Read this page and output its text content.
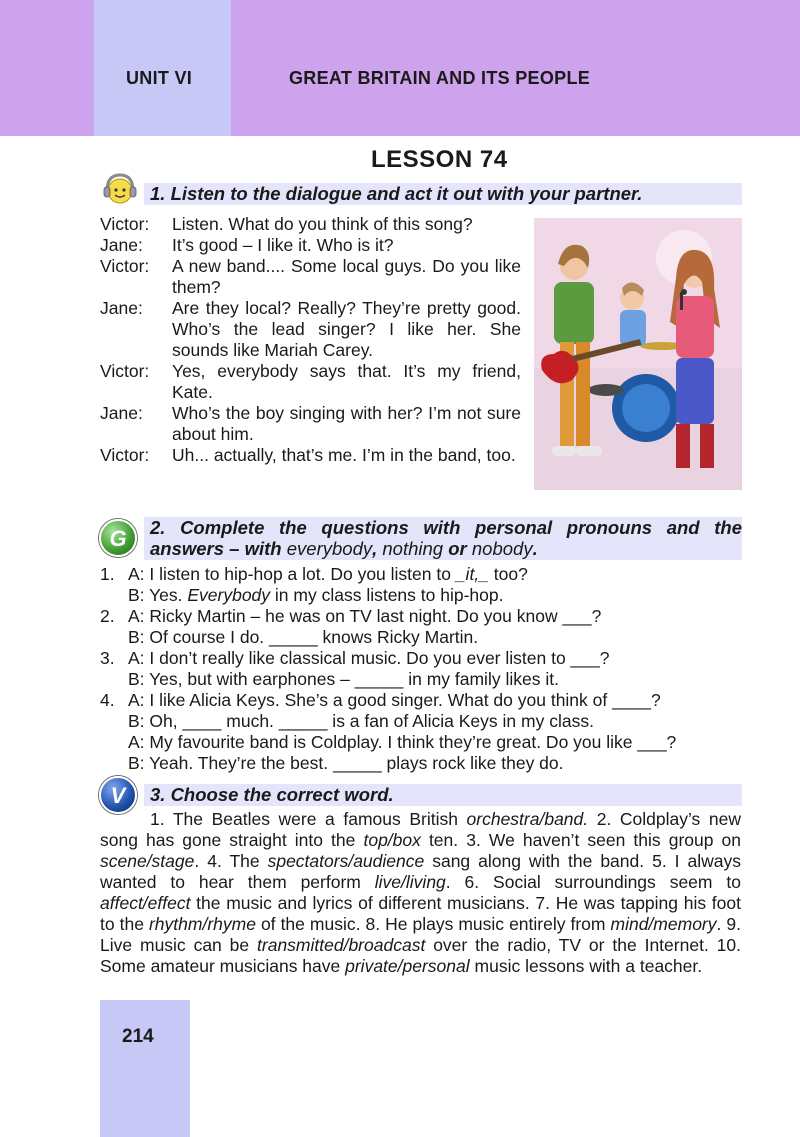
UNIT VI	GREAT BRITAIN AND ITS PEOPLE
LESSON 74
1. Listen to the dialogue and act it out with your partner.
Victor:	Listen. What do you think of this song?
Jane:	It’s good – I like it. Who is it?
Victor:	A new band.... Some local guys. Do you like them?
Jane:	Are they local? Really? They’re pretty good. Who’s the lead singer? I like her. She sounds like Mariah Carey.
Victor:	Yes, everybody says that. It’s my friend, Kate.
Jane:	Who’s the boy singing with her? I’m not sure about him.
Victor:	Uh... actually, that’s me. I’m in the band, too.
G	2. Complete the questions with personal pronouns and the answers – with everybody, nothing or nobody.
1. A: I listen to hip-hop a lot. Do you listen to _it,_ too?
B: Yes. Everybody in my class listens to hip-hop.
2. A: Ricky Martin – he was on TV last night. Do you know ___?
B: Of course I do. _____ knows Ricky Martin.
3. A: I don’t really like classical music. Do you ever listen to ___?
B: Yes, but with earphones – _____ in my family likes it.
4. A: I like Alicia Keys. She’s a good singer. What do you think of ____?
B: Oh, ____ much. _____ is a fan of Alicia Keys in my class.
A: My favourite band is Coldplay. I think they’re great. Do you like ___?
B: Yeah. They’re the best. _____ plays rock like they do.
V	3. Choose the correct word.

1. The Beatles were a famous British orchestra/band. 2. Coldplay’s new song has gone straight into the top/box ten. 3. We haven’t seen this group on scene/stage. 4. The spectators/audience sang along with the band. 5. I always wanted to hear them perform live/living. 6. Social surroundings seem to affect/effect the music and lyrics of different musicians. 7. He was tapping his foot to the rhythm/rhyme of the music. 8. He plays music entirely from mind/memory. 9. Live music can be transmitted/broadcast over the radio, TV or the Internet. 10. Some amateur musicians have private/personal music lessons with a teacher.

214
